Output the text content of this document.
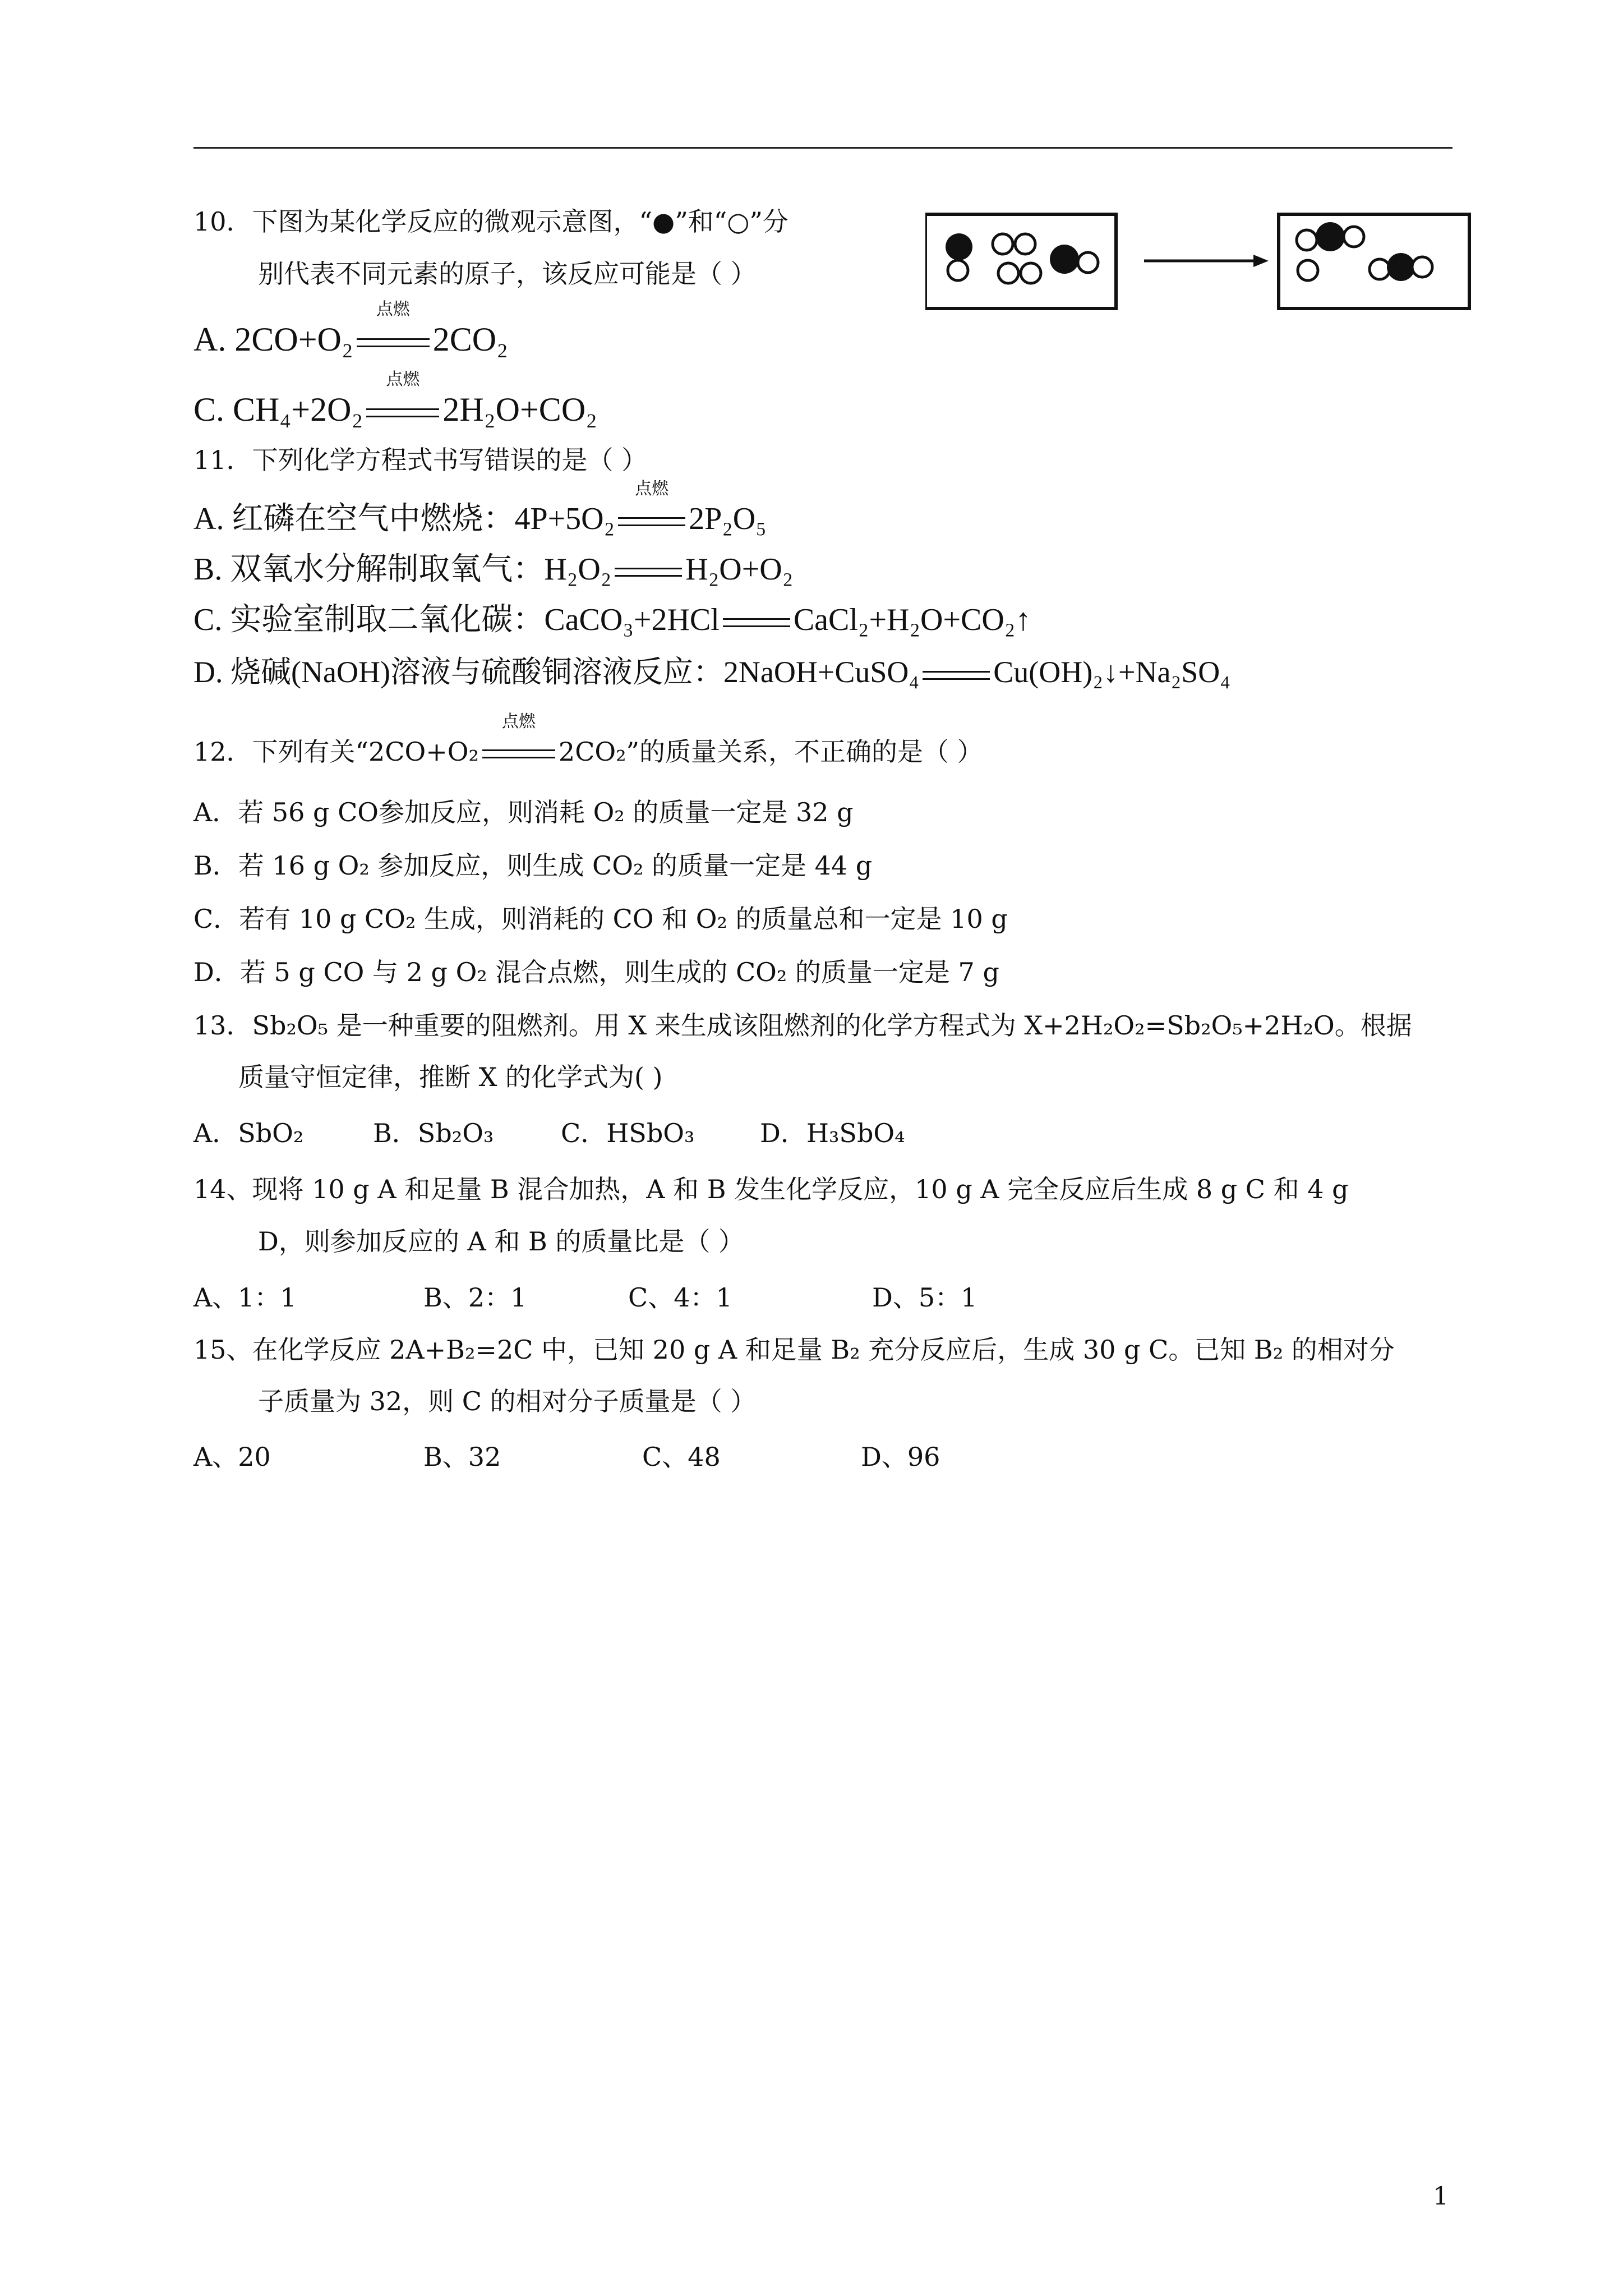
10．下图为某化学反应的微观示意图，“●”和“○”分
别代表不同元素的原子，该反应可能是（ ）
A. 2CO+O₂
点燃
2CO₂
C. CH₄+2O₂
点燃
2H₂O+CO₂
11．下列化学方程式书写错误的是（ ）
A. 红磷在空气中燃烧：4P+5O₂
点燃
2P₂O₅
B. 双氧水分解制取氧气：H₂O₂ H₂O+O₂
C. 实验室制取二氧化碳：CaCO₃+2HCl CaCl₂+H₂O+CO₂↑
D. 烧碱(NaOH)溶液与硫酸铜溶液反应：2NaOH+CuSO₄ Cu(OH)₂↓+Na₂SO₄
12．下列有关“2CO+O₂
点燃
2CO₂”的质量关系，不正确的是（ ）
A．若 56 g CO参加反应，则消耗 O₂ 的质量一定是 32 g
B．若 16 g O₂ 参加反应，则生成 CO₂ 的质量一定是 44 g
C．若有 10 g CO₂ 生成，则消耗的 CO 和 O₂ 的质量总和一定是 10 g
D．若 5 g CO 与 2 g O₂ 混合点燃，则生成的 CO₂ 的质量一定是 7 g
13．Sb₂O₅ 是一种重要的阻燃剂。用 X 来生成该阻燃剂的化学方程式为 X+2H₂O₂=Sb₂O₅+2H₂O。根据
质量守恒定律，推断 X 的化学式为( )
A．SbO₂	B．Sb₂O₃	C．HSbO₃	D．H₃SbO₄
14、现将 10 g A 和足量 B 混合加热，A 和 B 发生化学反应，10 g A 完全反应后生成 8 g C 和 4 g
D，则参加反应的 A 和 B 的质量比是（ ）
A、1：1	B、2：1	C、4：1	D、5：1
15、在化学反应 2A+B₂=2C 中，已知 20 g A 和足量 B₂ 充分反应后，生成 30 g C。已知 B₂ 的相对分
子质量为 32，则 C 的相对分子质量是（ ）
A、20	B、32	C、48	D、96
1
